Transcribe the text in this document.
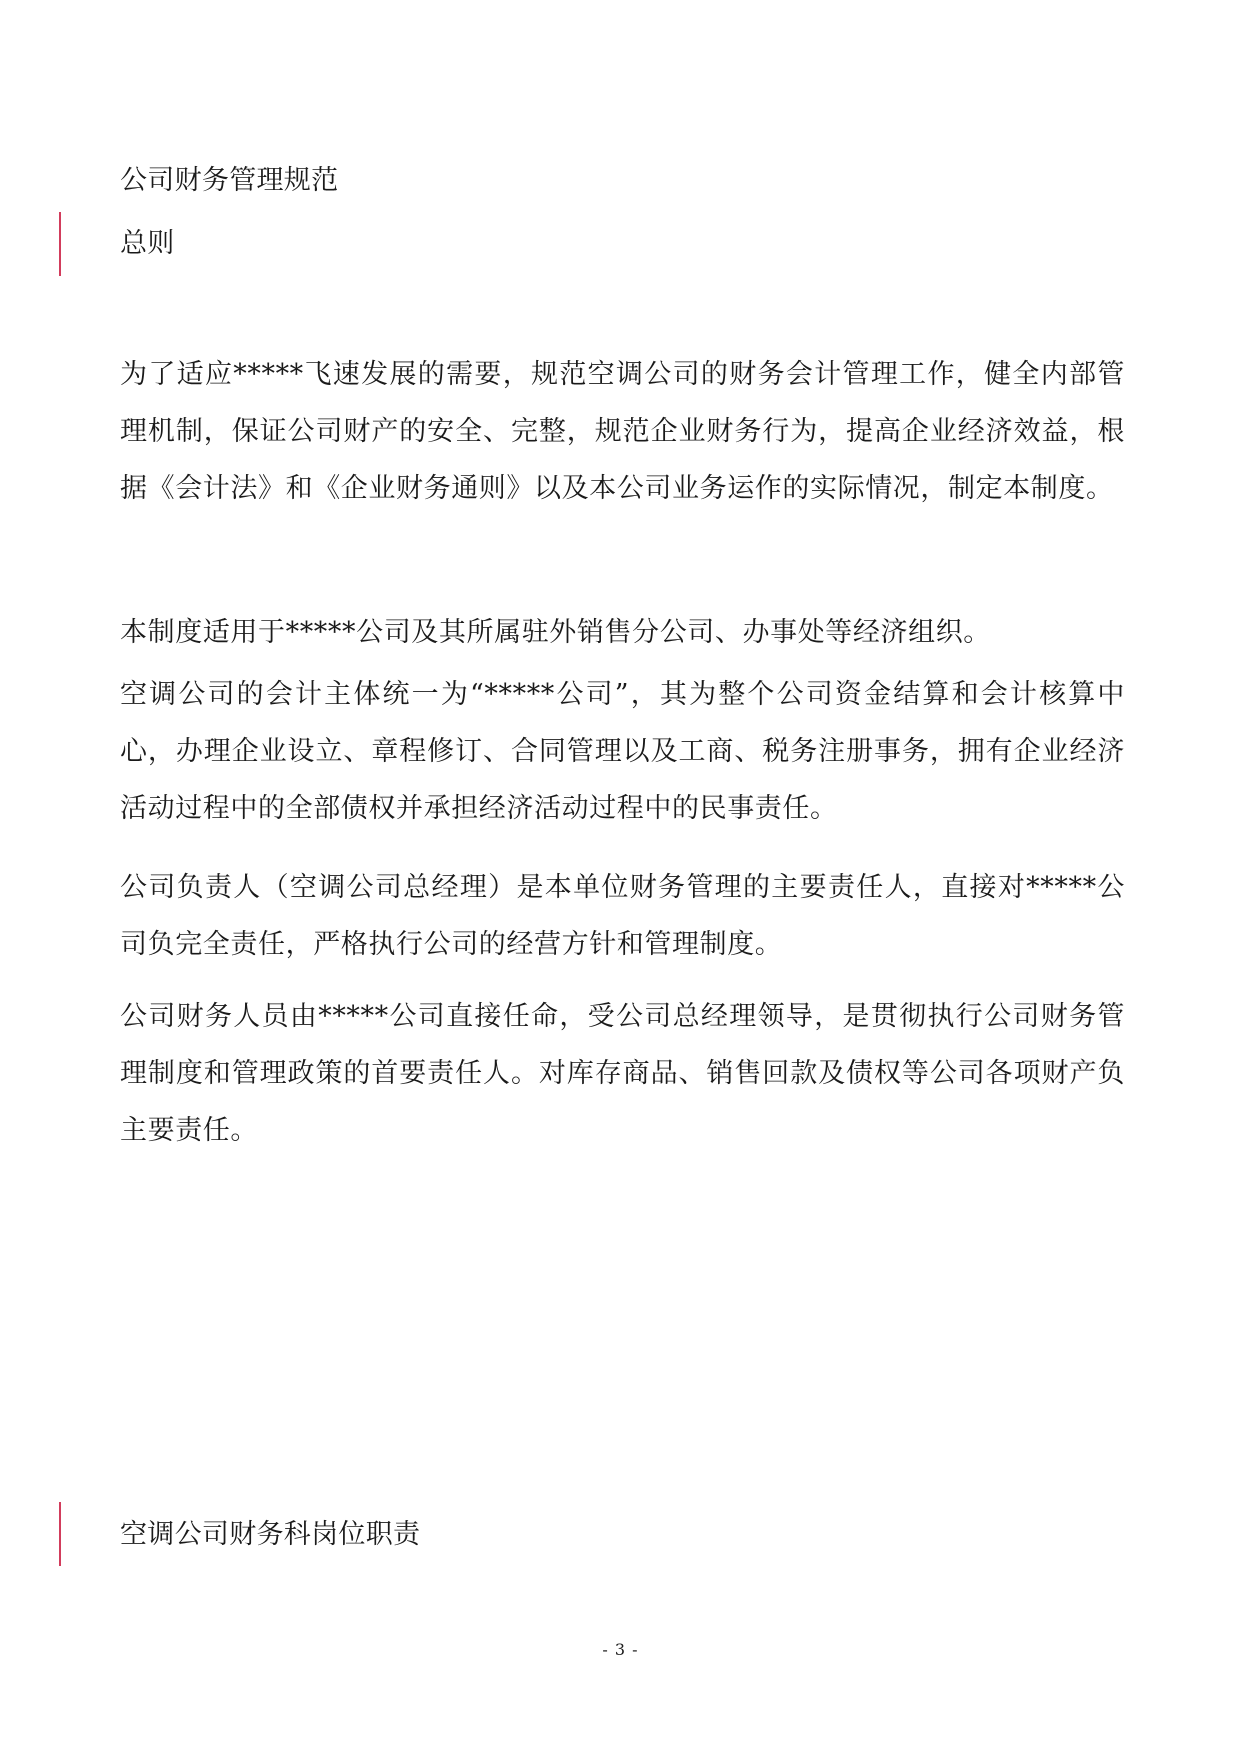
公司财务管理规范
总则
为了适应*****飞速发展的需要，规范空调公司的财务会计管理工作，健全内部管理机制，保证公司财产的安全、完整，规范企业财务行为，提高企业经济效益，根据《会计法》和《企业财务通则》以及本公司业务运作的实际情况，制定本制度。
本制度适用于*****公司及其所属驻外销售分公司、办事处等经济组织。
空调公司的会计主体统一为“*****公司”，其为整个公司资金结算和会计核算中心，办理企业设立、章程修订、合同管理以及工商、税务注册事务，拥有企业经济活动过程中的全部债权并承担经济活动过程中的民事责任。
公司负责人（空调公司总经理）是本单位财务管理的主要责任人，直接对*****公司负完全责任，严格执行公司的经营方针和管理制度。
公司财务人员由*****公司直接任命，受公司总经理领导，是贯彻执行公司财务管理制度和管理政策的首要责任人。对库存商品、销售回款及债权等公司各项财产负主要责任。
空调公司财务科岗位职责
- 3 -
